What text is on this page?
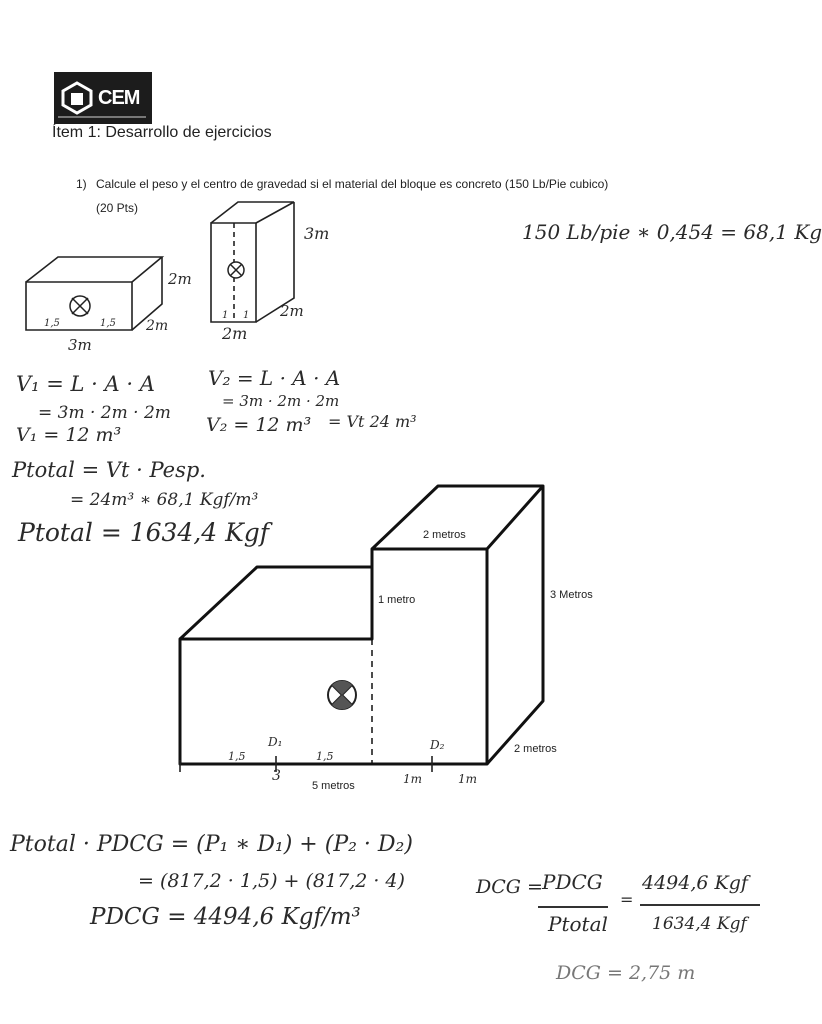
CEM
Ítem 1: Desarrollo de ejercicios
1) Calcule el peso y el centro de gravedad si el material del bloque es concreto (150 Lb/Pie cubico)
(20 Pts)
150 Lb/pie ∗ 0,454 = 68,1 Kg
2m
2m
3m
1,5	1,5
3m
2m
2m
1 1
V₁ = L · A · A
= 3m · 2m · 2m
V₁ = 12 m³
V₂ = L · A · A
= 3m · 2m · 2m
V₂ = 12 m³ = Vt 24 m³
Ptotal = Vt · Pesp.
= 24m³ ∗ 68,1 Kgf/m³
Ptotal = 1634,4 Kgf	2 metros
1 metro	3 Metros
2 metros
5 metros
D₁	D₂
1,5	1,5
3	1m	1m
Ptotal · PDCG = (P₁ ∗ D₁) + (P₂ · D₂)
= (817,2 · 1,5) + (817,2 · 4)
PDCG = 4494,6 Kgf/m³
DCG = PDCG
Ptotal
=
4494,6 Kgf
1634,4 Kgf
DCG = 2,75 m
